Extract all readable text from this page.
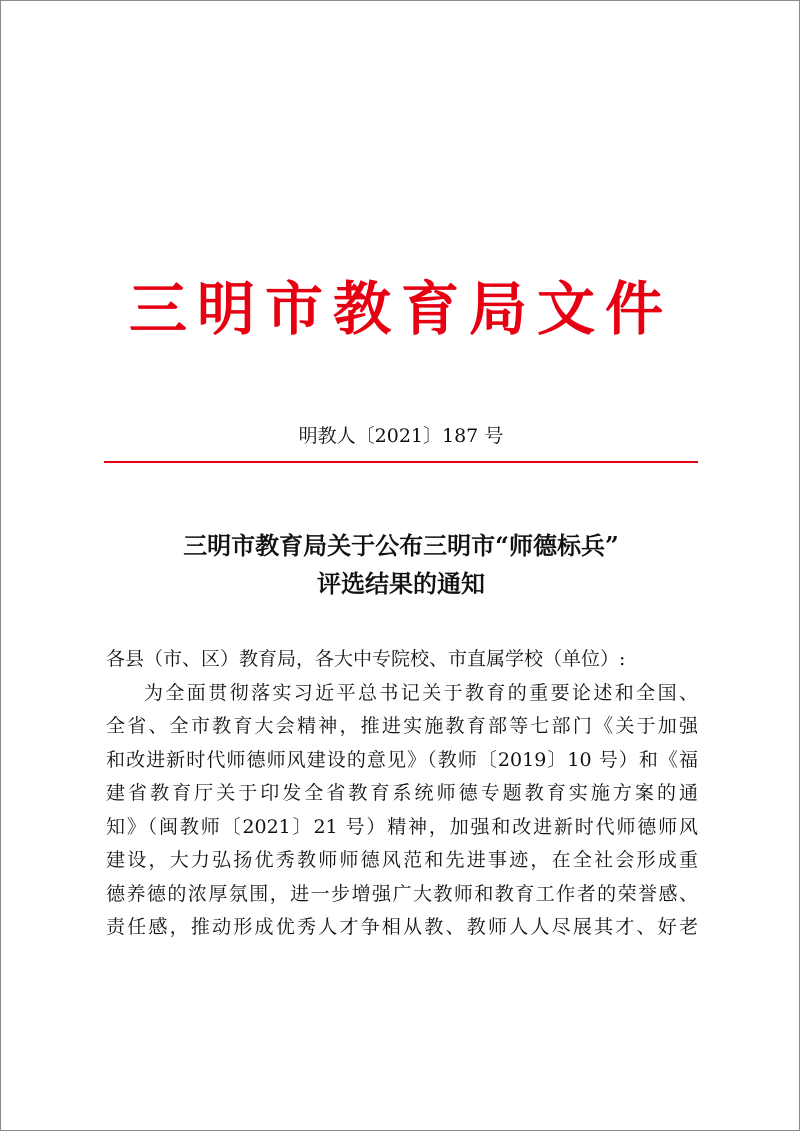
三明市教育局文件
明教人〔2021〕187 号
三明市教育局关于公布三明市“师德标兵”
评选结果的通知
各县（市、区）教育局，各大中专院校、市直属学校（单位）:
为全面贯彻落实习近平总书记关于教育的重要论述和全国、
全省、全市教育大会精神，推进实施教育部等七部门《关于加强
和改进新时代师德师风建设的意见》（教师〔2019〕10 号）和《福
建省教育厅关于印发全省教育系统师德专题教育实施方案的通
知》（闽教师〔2021〕21 号）精神，加强和改进新时代师德师风
建设，大力弘扬优秀教师师德风范和先进事迹，在全社会形成重
德养德的浓厚氛围，进一步增强广大教师和教育工作者的荣誉感、
责任感，推动形成优秀人才争相从教、教师人人尽展其才、好老
